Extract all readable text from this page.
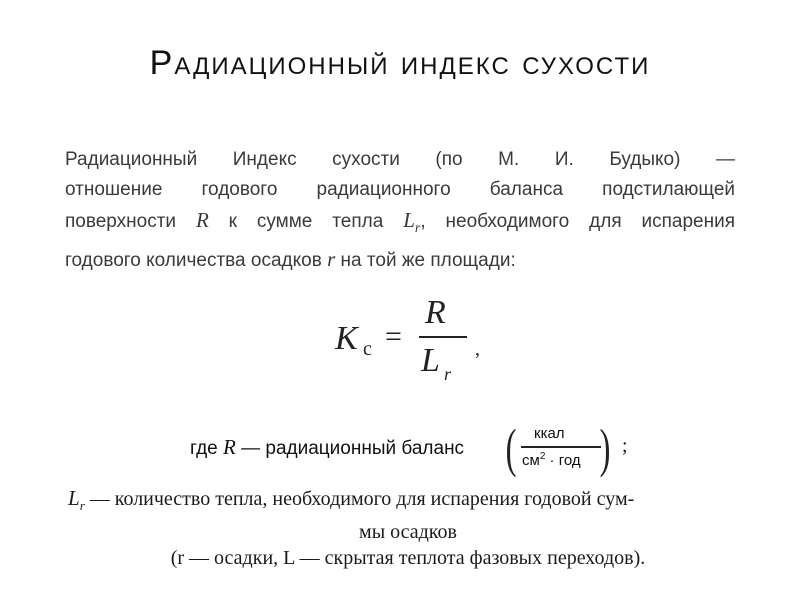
Радиационный индекс сухости
Радиационный Индекс сухости (по М. И. Будыко) —
отношение годового радиационного баланса подстилающей
поверхности R к сумме тепла $L_r$, необходимого для испарения
годового количества осадков r на той же площади:
K с =
R
L r
,
где R — радиационный баланс ( ккал
$см^2$ · год ) ;
$L_r$ — количество тепла, необходимого для испарения годовой сум-
мы осадков
(r — осадки, L — скрытая теплота фазовых переходов).
